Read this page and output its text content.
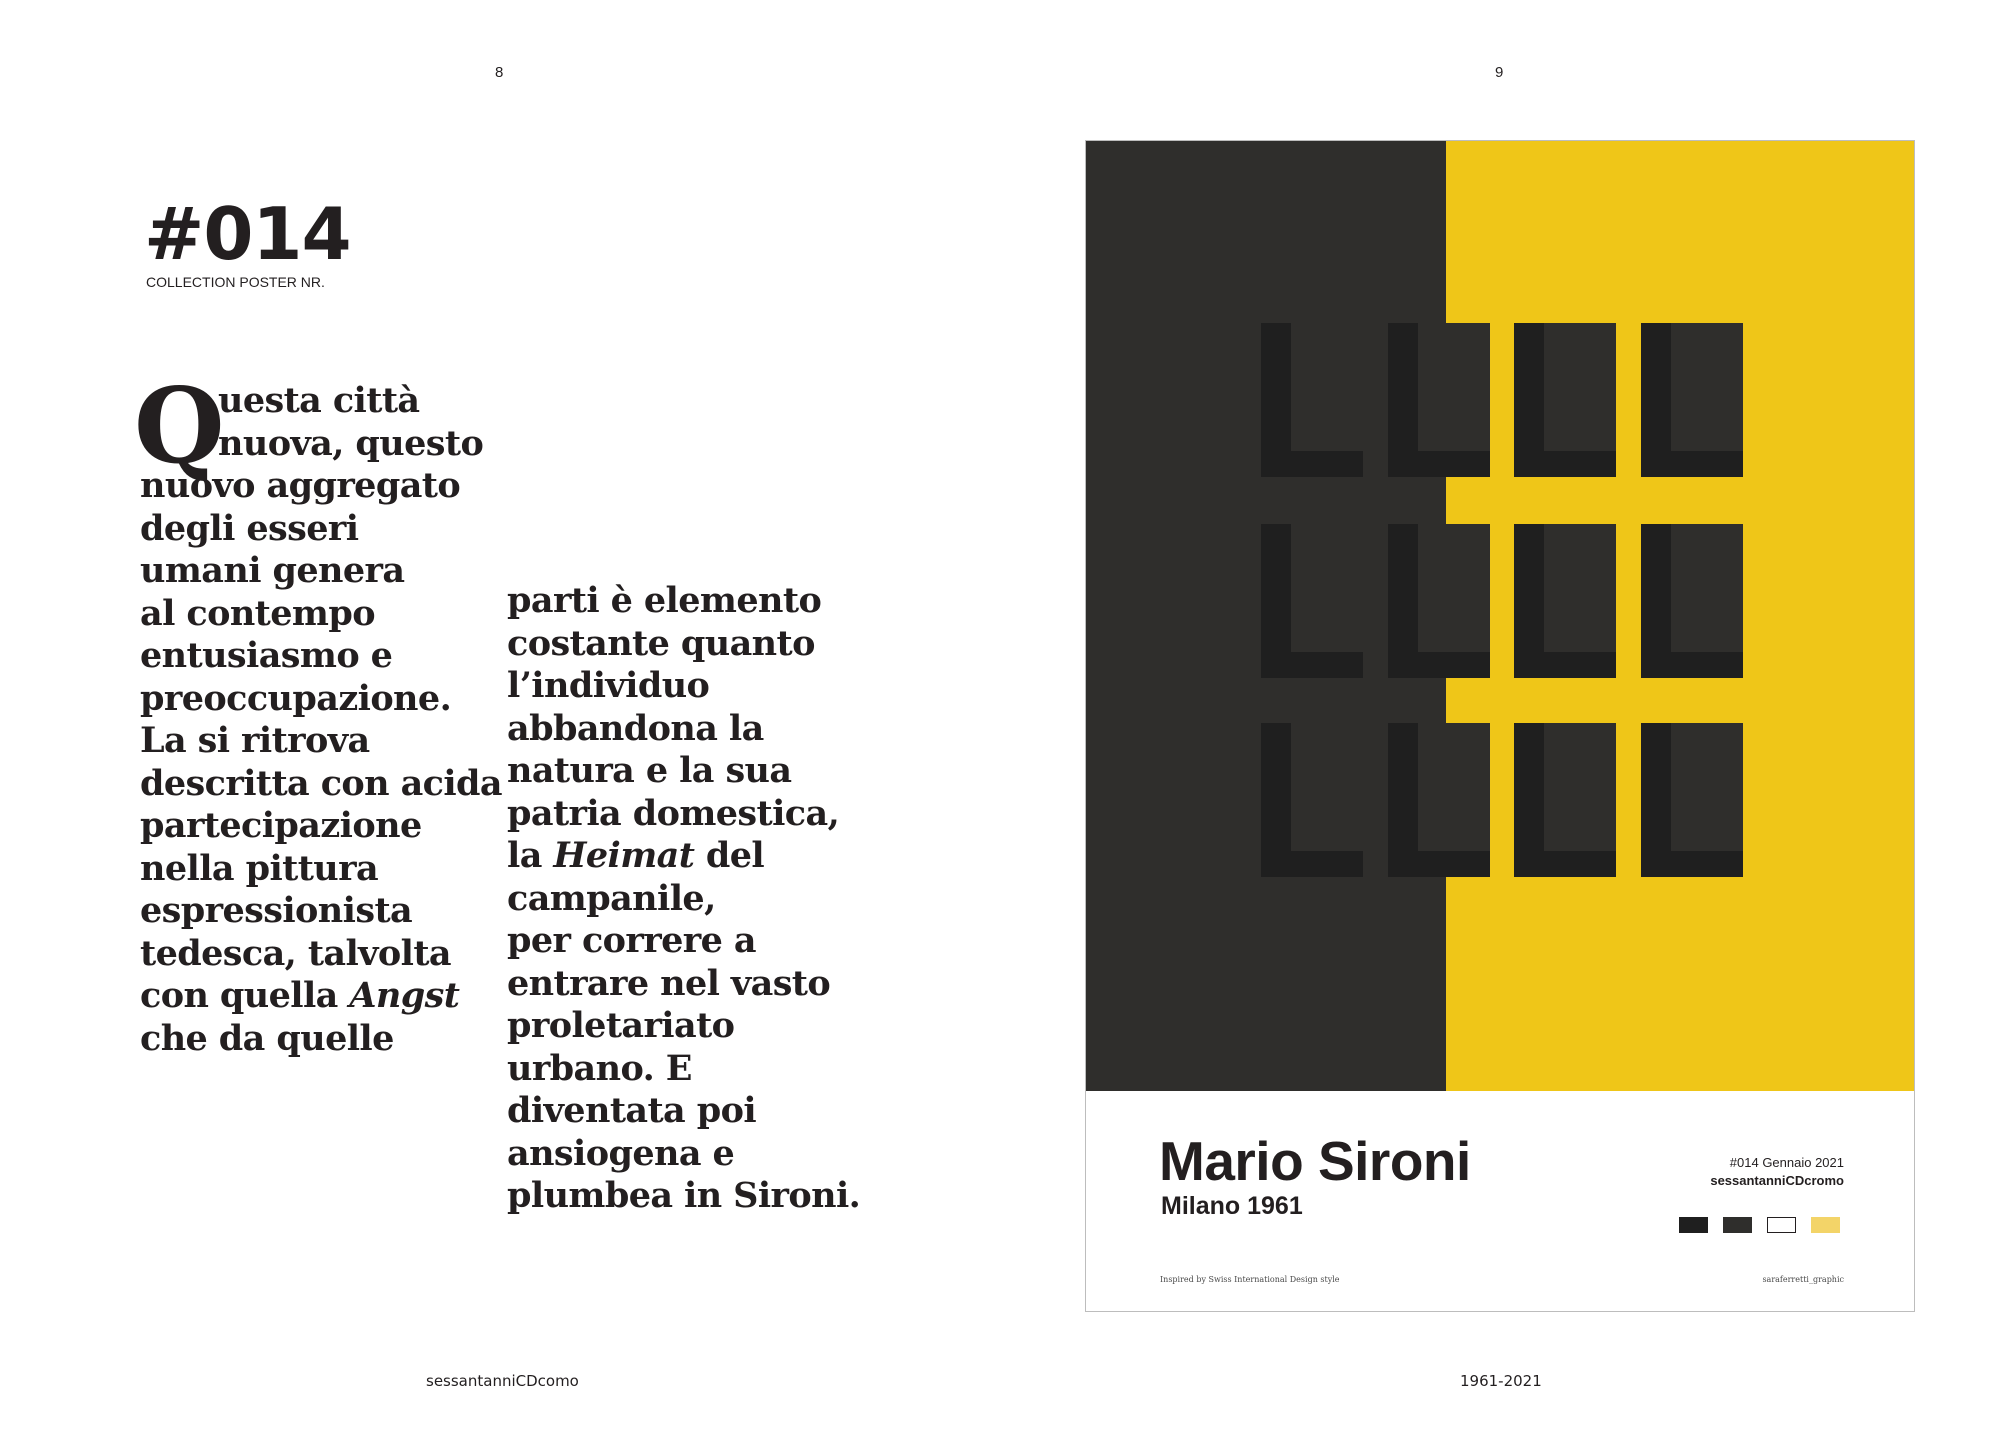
8	9
#014
COLLECTION POSTER NR.
Q

uesta città

nuova, questo

nuovo aggregato

degli esseri

umani genera

al contempo

entusiasmo e

preoccupazione.

La si ritrova

descritta con acida

partecipazione

nella pittura

espressionista

tedesca, talvolta

con quella Angst

che da quelle

parti è elemento

costante quanto

l’individuo

abbandona la

natura e la sua

patria domestica,

la Heimat del

campanile,

per correre a

entrare nel vasto

proletariato

urbano. E

diventata poi

ansiogena e

plumbea in Sironi.

Mario Sironi
Milano 1961
#014 Gennaio 2021
sessantanniCDcromo
Inspired by Swiss International Design style	saraferretti_graphic
sessantanniCDcomo	1961-2021
